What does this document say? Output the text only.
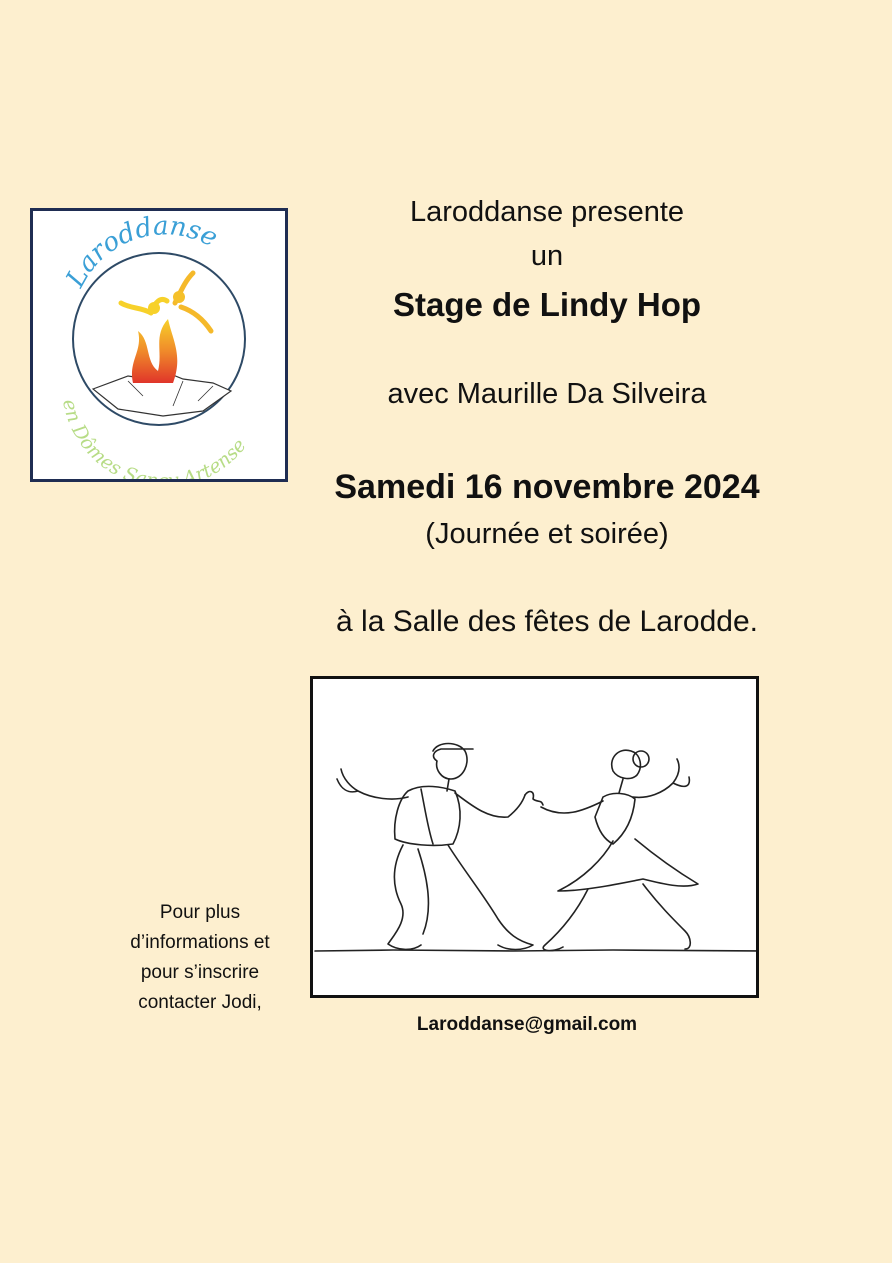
Laroddanse
en Dômes Sa Artense
Laroddanse presente
un
Stage de Lindy Hop
avec Maurille Da Silveira
Samedi 16 novembre 2024
(Journée et soirée)
à la Salle des fêtes de Larodde.
Pour plus
d’informations et
pour s’inscrire
contacter Jodi,
Laroddanse@gmail.com
